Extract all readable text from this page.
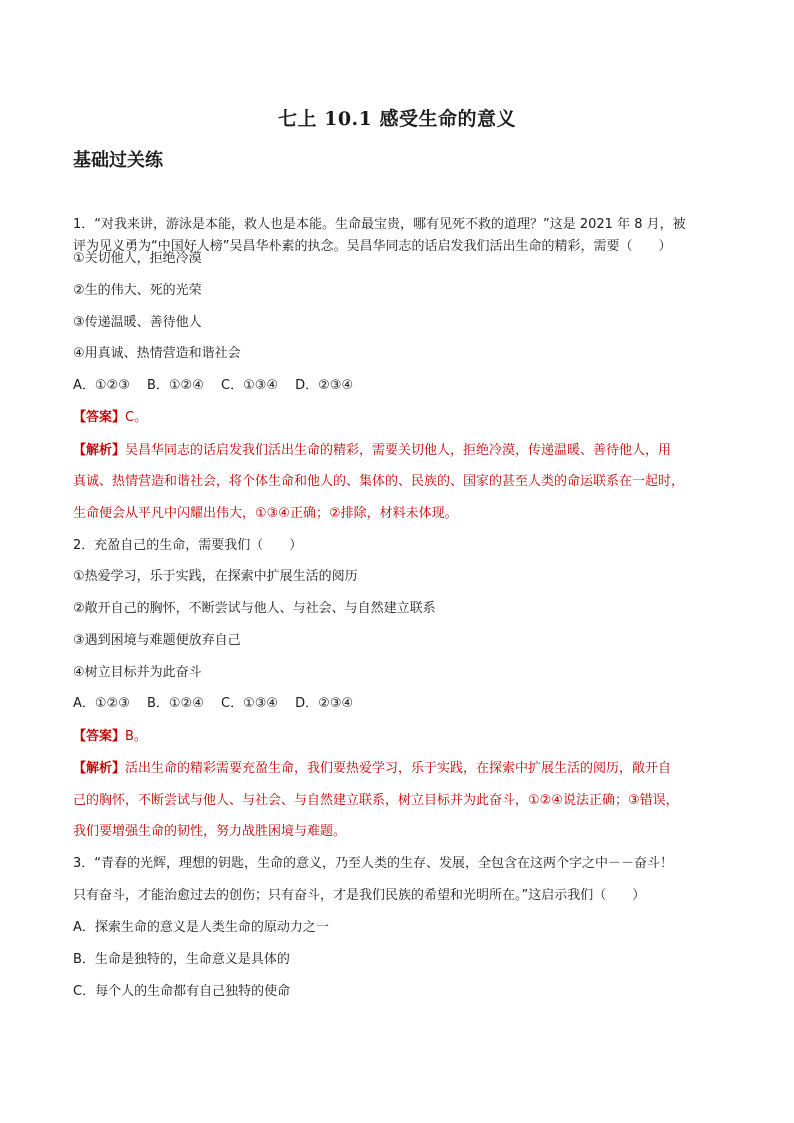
七上 10.1 感受生命的意义
基础过关练
1．“对我来讲，游泳是本能，救人也是本能。生命最宝贵，哪有见死不救的道理？”这是 2021 年 8 月，被
评为见义勇为“中国好人榜”吴昌华朴素的执念。吴昌华同志的话启发我们活出生命的精彩，需要（　　）
①关切他人，拒绝冷漠
②生的伟大、死的光荣
③传递温暖、善待他人
④用真诚、热情营造和谐社会
A．①②③　 B．①②④　 C．①③④　 D．②③④
【答案】C。
【解析】吴昌华同志的话启发我们活出生命的精彩，需要关切他人，拒绝冷漠，传递温暖、善待他人，用
真诚、热情营造和谐社会，将个体生命和他人的、集体的、民族的、国家的甚至人类的命运联系在一起时，
生命便会从平凡中闪耀出伟大，①③④正确；②排除，材料未体现。
2．充盈自己的生命，需要我们（　　）
①热爱学习，乐于实践，在探索中扩展生活的阅历
②敞开自己的胸怀，不断尝试与他人、与社会、与自然建立联系
③遇到困境与难题便放弃自己
④树立目标并为此奋斗
A．①②③　 B．①②④　 C．①③④　 D．②③④
【答案】B。
【解析】活出生命的精彩需要充盈生命，我们要热爱学习，乐于实践，在探索中扩展生活的阅历，敞开自
己的胸怀，不断尝试与他人、与社会、与自然建立联系，树立目标并为此奋斗，①②④说法正确；③错误，
我们要增强生命的韧性，努力战胜困境与难题。
3．“青春的光辉，理想的钥匙，生命的意义，乃至人类的生存、发展，全包含在这两个字之中－－奋斗！
只有奋斗，才能治愈过去的创伤；只有奋斗，才是我们民族的希望和光明所在。”这启示我们（　　）
A．探索生命的意义是人类生命的原动力之一
B．生命是独特的，生命意义是具体的
C．每个人的生命都有自己独特的使命
